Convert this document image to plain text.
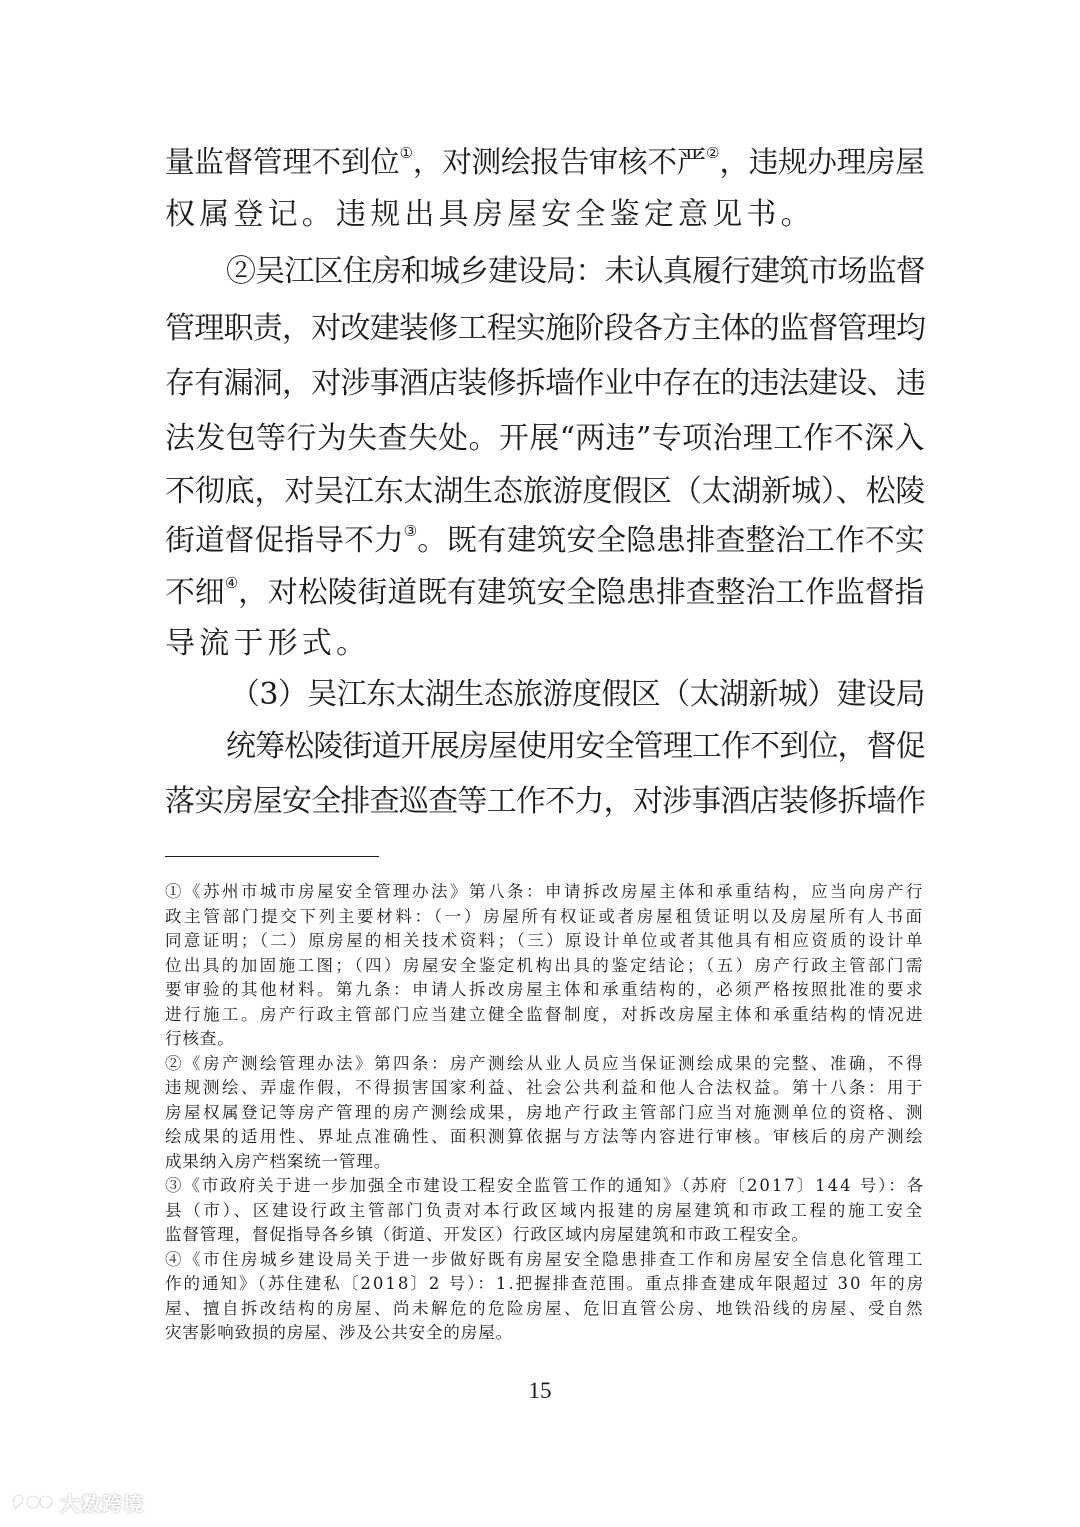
量监督管理不到位①，对测绘报告审核不严②，违规办理房屋
权属登记。违规出具房屋安全鉴定意见书。
②吴江区住房和城乡建设局：未认真履行建筑市场监督
管理职责，对改建装修工程实施阶段各方主体的监督管理均
存有漏洞，对涉事酒店装修拆墙作业中存在的违法建设、违
法发包等行为失查失处。开展“两违”专项治理工作不深入
不彻底，对吴江东太湖生态旅游度假区（太湖新城）、松陵
街道督促指导不力③。既有建筑安全隐患排查整治工作不实
不细④，对松陵街道既有建筑安全隐患排查整治工作监督指
导流于形式。
（3）吴江东太湖生态旅游度假区（太湖新城）建设局
统筹松陵街道开展房屋使用安全管理工作不到位，督促
落实房屋安全排查巡查等工作不力，对涉事酒店装修拆墙作
①《苏州市城市房屋安全管理办法》第八条：申请拆改房屋主体和承重结构，应当向房产行
政主管部门提交下列主要材料：（一）房屋所有权证或者房屋租赁证明以及房屋所有人书面
同意证明；（二）原房屋的相关技术资料；（三）原设计单位或者其他具有相应资质的设计单
位出具的加固施工图；（四）房屋安全鉴定机构出具的鉴定结论；（五）房产行政主管部门需
要审验的其他材料。第九条：申请人拆改房屋主体和承重结构的，必须严格按照批准的要求
进行施工。房产行政主管部门应当建立健全监督制度，对拆改房屋主体和承重结构的情况进
行核查。
②《房产测绘管理办法》第四条：房产测绘从业人员应当保证测绘成果的完整、准确，不得
违规测绘、弄虚作假，不得损害国家利益、社会公共利益和他人合法权益。第十八条：用于
房屋权属登记等房产管理的房产测绘成果，房地产行政主管部门应当对施测单位的资格、测
绘成果的适用性、界址点准确性、面积测算依据与方法等内容进行审核。审核后的房产测绘
成果纳入房产档案统一管理。
③《市政府关于进一步加强全市建设工程安全监管工作的通知》（苏府〔2017〕144 号）：各
县（市）、区建设行政主管部门负责对本行政区域内报建的房屋建筑和市政工程的施工安全
监督管理，督促指导各乡镇（街道、开发区）行政区域内房屋建筑和市政工程安全。
④《市住房城乡建设局关于进一步做好既有房屋安全隐患排查工作和房屋安全信息化管理工
作的通知》（苏住建私〔2018〕2 号）：1.把握排查范围。重点排查建成年限超过 30 年的房
屋、擅自拆改结构的房屋、尚未解危的危险房屋、危旧直管公房、地铁沿线的房屋、受自然
灾害影响致损的房屋、涉及公共安全的房屋。
15
大数跨境
